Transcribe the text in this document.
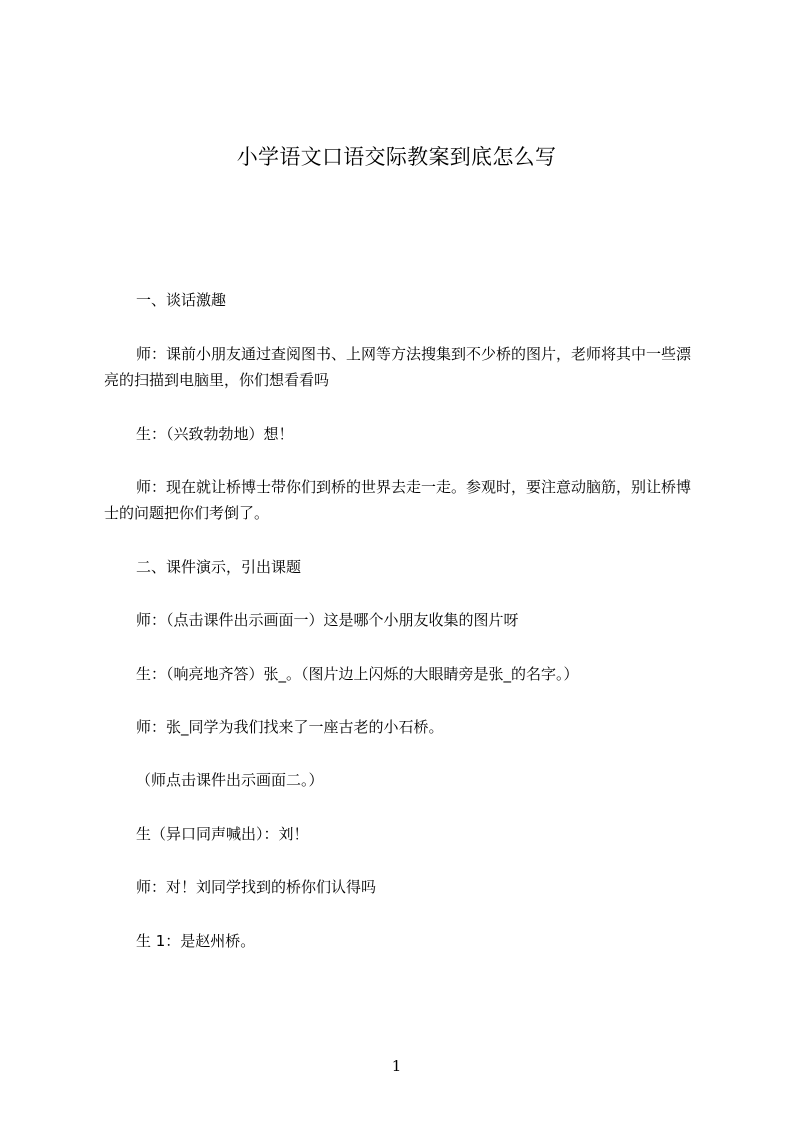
小学语文口语交际教案到底怎么写
一、谈话激趣
师：课前小朋友通过查阅图书、上网等方法搜集到不少桥的图片，老师将其中一些漂亮的扫描到电脑里，你们想看看吗
生：（兴致勃勃地）想！
师：现在就让桥博士带你们到桥的世界去走一走。参观时，要注意动脑筋，别让桥博士的问题把你们考倒了。
二、课件演示，引出课题
师：（点击课件出示画面一）这是哪个小朋友收集的图片呀
生：（响亮地齐答）张_。（图片边上闪烁的大眼睛旁是张_的名字。）
师：张_同学为我们找来了一座古老的小石桥。
（师点击课件出示画面二。）
生（异口同声喊出）：刘！
师：对！刘同学找到的桥你们认得吗
生 1：是赵州桥。
1
